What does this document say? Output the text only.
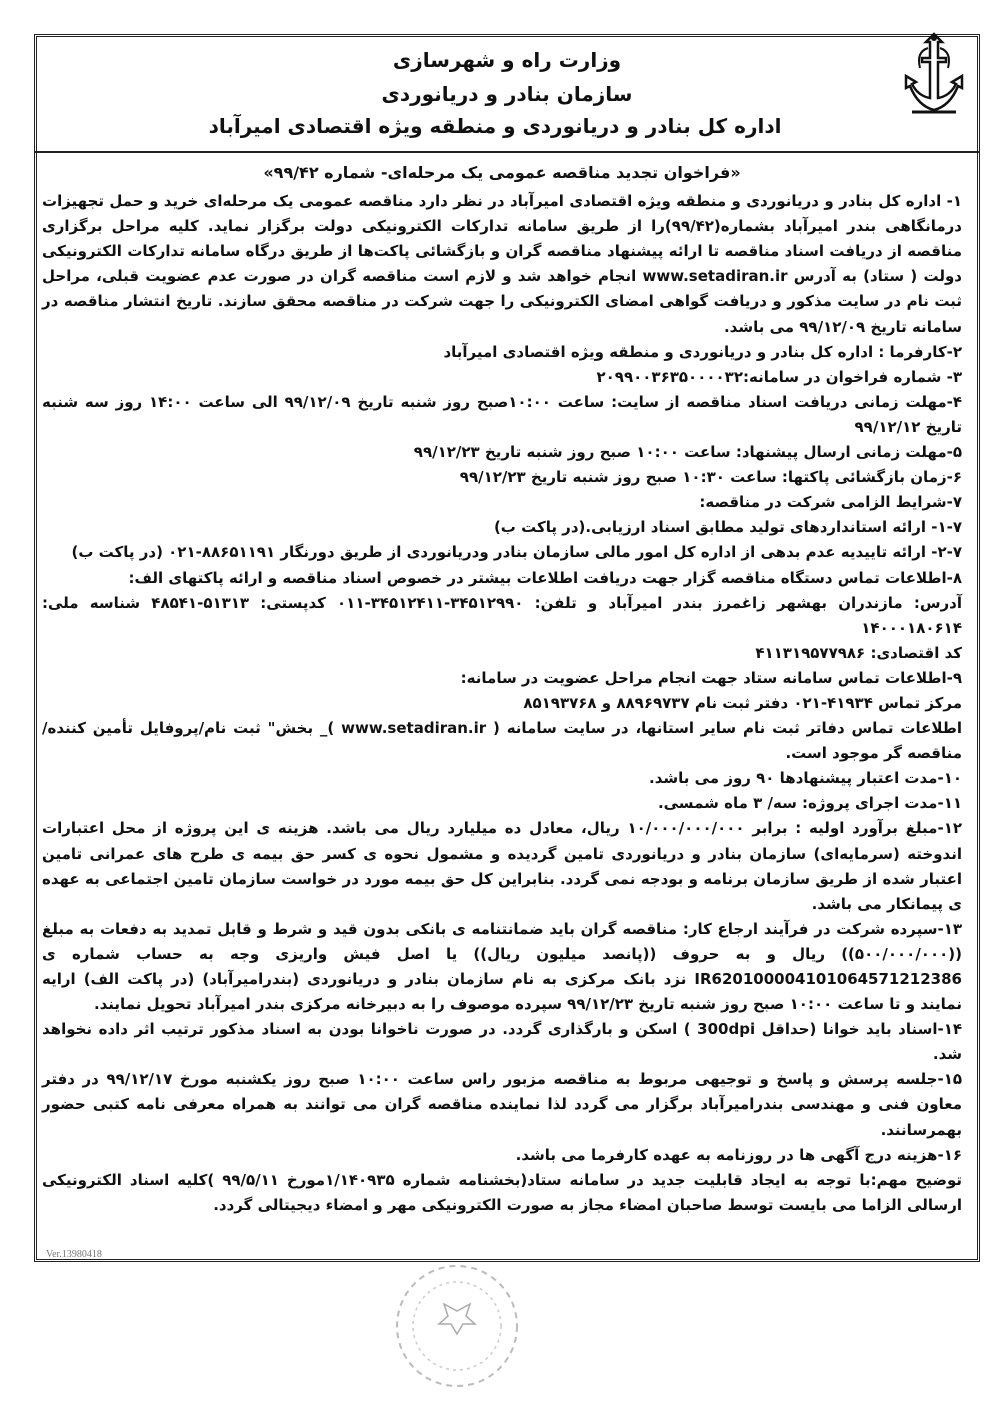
وزارت راه و شهرسازی
سازمان بنادر و دریانوردی
اداره کل بنادر و دریانوردی و منطقه ویژه اقتصادی امیرآباد

«فراخوان تجدید مناقصه عمومی یک مرحله‌ای- شماره ۹۹/۴۲»

۱- اداره کل بنادر و دریانوردی و منطقه ویژه اقتصادی امیرآباد در نظر دارد مناقصه عمومی یک مرحله‌ای خرید و حمل تجهیزات درمانگاهی بندر امیرآباد بشماره(۹۹/۴۲)را از طریق سامانه تدارکات الکترونیکی دولت برگزار نماید. کلیه مراحل برگزاری مناقصه از دریافت اسناد مناقصه تا ارائه پیشنهاد مناقصه گران و بازگشائی پاکت‌ها از طریق درگاه سامانه تدارکات الکترونیکی دولت ( ستاد) به آدرس www.setadiran.ir انجام خواهد شد و لازم است مناقصه گران در صورت عدم عضویت قبلی، مراحل ثبت نام در سایت مذکور و دریافت گواهی امضای الکترونیکی را جهت شرکت در مناقصه محقق سازند. تاریخ انتشار مناقصه در سامانه تاریخ ۹۹/۱۲/۰۹ می باشد.

۲-کارفرما : اداره کل بنادر و دریانوردی و منطقه ویژه اقتصادی امیرآباد

۳- شماره فراخوان در سامانه:۲۰۹۹۰۰۳۶۳۵۰۰۰۰۳۲

۴-مهلت زمانی دریافت اسناد مناقصه از سایت: ساعت ۱۰:۰۰صبح روز شنبه تاریخ ۹۹/۱۲/۰۹ الی ساعت ۱۴:۰۰ روز سه شنبه تاریخ ۹۹/۱۲/۱۲

۵-مهلت زمانی ارسال پیشنهاد: ساعت ۱۰:۰۰ صبح روز شنبه تاریخ ۹۹/۱۲/۲۳

۶-زمان بازگشائی پاکتها: ساعت ۱۰:۳۰ صبح روز شنبه تاریخ ۹۹/۱۲/۲۳

۷-شرایط الزامی شرکت در مناقصه:

۱-۷- ارائه استانداردهای تولید مطابق اسناد ارزیابی.(در پاکت ب)

۲-۷- ارائه تاییدیه عدم بدهی از اداره کل امور مالی سازمان بنادر ودریانوردی از طریق دورنگار ۸۸۶۵۱۱۹۱-۰۲۱ (در پاکت ب)

۸-اطلاعات تماس دستگاه مناقصه گزار جهت دریافت اطلاعات بیشتر در خصوص اسناد مناقصه و ارائه پاکتهای الف:

آدرس: مازندران بهشهر زاغمرز بندر امیرآباد و تلفن: ۳۴۵۱۲۹۹۰-۳۴۵۱۲۴۱۱-۰۱۱ کدپستی: ۵۱۳۱۳-۴۸۵۴۱ شناسه ملی: ۱۴۰۰۰۱۸۰۶۱۴

کد اقتصادی: ۴۱۱۳۱۹۵۷۷۹۸۶

۹-اطلاعات تماس سامانه ستاد جهت انجام مراحل عضویت در سامانه:

مرکز تماس ۴۱۹۳۴-۰۲۱ دفتر ثبت نام ۸۸۹۶۹۷۳۷ و ۸۵۱۹۳۷۶۸

اطلاعات تماس دفاتر ثبت نام سایر استانها، در سایت سامانه ( www.setadiran.ir )_ بخش" ثبت نام/پروفایل تأمین کننده/مناقصه گر موجود است.

۱۰-مدت اعتبار پیشنهادها ۹۰ روز می باشد.

۱۱-مدت اجرای پروژه: سه/ ۳ ماه شمسی.

۱۲-مبلغ برآورد اولیه : برابر ۱۰/۰۰۰/۰۰۰/۰۰۰ ریال، معادل ده میلیارد ریال می باشد. هزینه ی این پروژه از محل اعتبارات اندوخته (سرمایه‌ای) سازمان بنادر و دریانوردی تامین گردیده و مشمول نحوه ی کسر حق بیمه ی طرح های عمرانی تامین اعتبار شده از طریق سازمان برنامه و بودجه نمی گردد. بنابراین کل حق بیمه مورد در خواست سازمان تامین اجتماعی به عهده ی پیمانکار می باشد.

۱۳-سپرده شرکت در فرآیند ارجاع کار: مناقصه گران باید ضمانتنامه ی بانکی بدون قید و شرط و قابل تمدید به دفعات به مبلغ ((۵۰۰/۰۰۰/۰۰۰)) ریال و به حروف ((پانصد میلیون ریال)) یا اصل فیش واریزی وجه به حساب شماره ی IR620100004101064571212386 نزد بانک مرکزی به نام سازمان بنادر و دریانوردی (بندرامیرآباد) (در پاکت الف) ارایه نمایند و تا ساعت ۱۰:۰۰ صبح روز شنبه تاریخ ۹۹/۱۲/۲۳ سپرده موصوف را به دبیرخانه مرکزی بندر امیرآباد تحویل نمایند.

۱۴-اسناد باید خوانا (حداقل 300dpi ) اسکن و بارگذاری گردد. در صورت ناخوانا بودن به اسناد مذکور ترتیب اثر داده نخواهد شد.

۱۵-جلسه پرسش و پاسخ و توجیهی مربوط به مناقصه مزبور راس ساعت ۱۰:۰۰ صبح روز یکشنبه مورخ ۹۹/۱۲/۱۷ در دفتر معاون فنی و مهندسی بندرامیرآباد برگزار می گردد لذا نماینده مناقصه گران می توانند به همراه معرفی نامه کتبی حضور بهمرسانند.

۱۶-هزینه درج آگهی ها در روزنامه به عهده کارفرما می باشد.

توضیح مهم:با توجه به ایجاد قابلیت جدید در سامانه ستاد(بخشنامه شماره ۱/۱۴۰۹۳۵مورخ ۹۹/۵/۱۱ )کلیه اسناد الکترونیکی ارسالی الزاما می بایست توسط صاحبان امضاء مجاز به صورت الکترونیکی مهر و امضاء دیجیتالی گردد.

Ver.13980418
